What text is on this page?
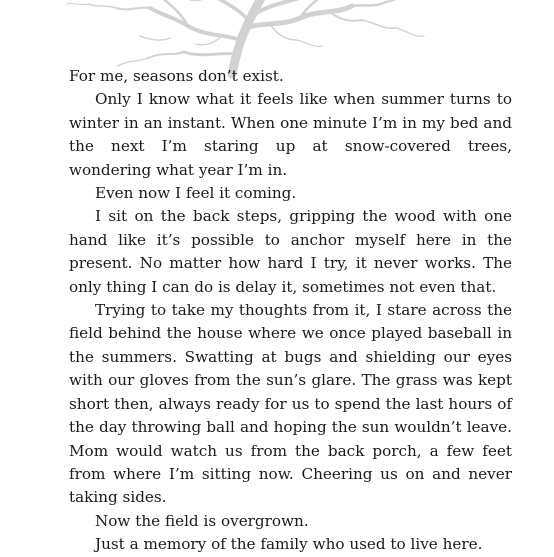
For me, seasons don’t exist.

Only I know what it feels like when summer turns to winter in an instant. When one minute I’m in my bed and the next I’m staring up at snow-covered trees, wondering what year I’m in.

Even now I feel it coming.

I sit on the back steps, gripping the wood with one hand like it’s possible to anchor myself here in the present. No matter how hard I try, it never works. The only thing I can do is delay it, sometimes not even that.

Trying to take my thoughts from it, I stare across the field behind the house where we once played baseball in the summers. Swatting at bugs and shielding our eyes with our gloves from the sun’s glare. The grass was kept short then, always ready for us to spend the last hours of the day throwing ball and hoping the sun wouldn’t leave. Mom would watch us from the back porch, a few feet from where I’m sitting now. Cheering us on and never taking sides.

Now the field is overgrown.

Just a memory of the family who used to live here.
